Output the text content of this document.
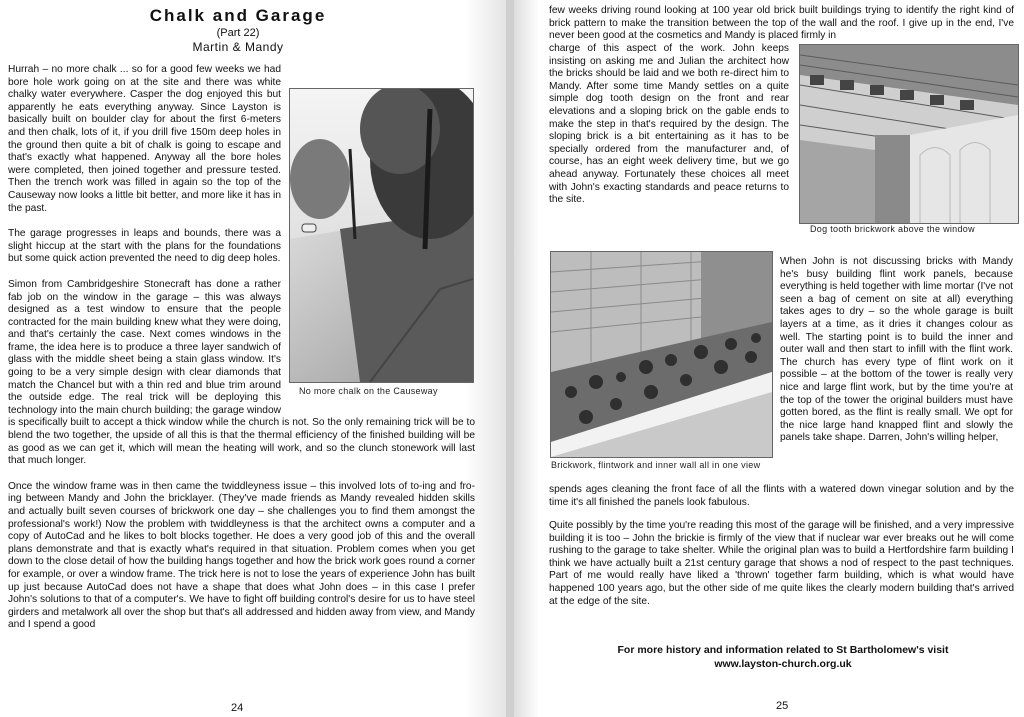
Chalk and Garage
(Part 22)
Martin & Mandy

Hurrah – no more chalk ... so for a good few weeks we had bore hole work going on at the site and there was white chalky water everywhere. Casper the dog enjoyed this but apparently he eats everything anyway. Since Layston is basically built on boulder clay for about the first 6-meters and then chalk, lots of it, if you drill five 150m deep holes in the ground then quite a bit of chalk is going to escape and that's exactly what happened. Anyway all the bore holes were completed, then joined together and pressure tested. Then the trench work was filled in again so the top of the Causeway now looks a little bit better, and more like it has in the past.

The garage progresses in leaps and bounds, there was a slight hiccup at the start with the plans for the foundations but some quick action prevented the need to dig deep holes.

Simon from Cambridgeshire Stonecraft has done a rather fab job on the window in the garage – this was always designed as a test window to ensure that the people contracted for the main building knew what they were doing, and that's certainly the case. Next comes windows in the frame, the idea here is to produce a three layer sandwich of glass with the middle sheet being a stain glass window. It's going to be a very simple design with clear diamonds that match the Chancel but with a thin red and blue trim around the outside edge. The real trick will be deploying this technology into the main church building; the garage window is specifically built to accept a thick window while the church is not. So the only remaining trick will be to blend the two together, the upside of all this is that the thermal efficiency of the finished building will be as good as we can get it, which will mean the heating will work, and so the clunch stonework will last that much longer.

Once the window frame was in then came the twiddleyness issue – this involved lots of to-ing and fro-ing between Mandy and John the bricklayer. (They've made friends as Mandy revealed hidden skills and actually built seven courses of brickwork one day – she challenges you to find them amongst the professional's work!) Now the problem with twiddleyness is that the architect owns a computer and a copy of AutoCad and he likes to bolt blocks together. He does a very good job of this and the overall plans demonstrate and that is exactly what's required in that situation. Problem comes when you get down to the close detail of how the building hangs together and how the brick work goes round a corner for example, or over a window frame. The trick here is not to lose the years of experience John has built up just because AutoCad does not have a shape that does what John does – in this case I prefer John's solutions to that of a computer's. We have to fight off building control's desire for us to have steel girders and metalwork all over the shop but that's all addressed and hidden away from view, and Mandy and I spend a good

No more chalk on the Causeway
24

few weeks driving round looking at 100 year old brick built buildings trying to identify the right kind of brick pattern to make the transition between the top of the wall and the roof. I give up in the end, I've never been good at the cosmetics and Mandy is placed firmly in

charge of this aspect of the work. John keeps insisting on asking me and Julian the architect how the bricks should be laid and we both re-direct him to Mandy. After some time Mandy settles on a quite simple dog tooth design on the front and rear elevations and a sloping brick on the gable ends to make the step in that's required by the design. The sloping brick is a bit entertaining as it has to be specially ordered from the manufacturer and, of course, has an eight week delivery time, but we go ahead anyway. Fortunately these choices all meet with John's exacting standards and peace returns to the site.

Dog tooth brickwork above the window
Brickwork, flintwork and inner wall all in one view

When John is not discussing bricks with Mandy he's busy building flint work panels, because everything is held together with lime mortar (I've not seen a bag of cement on site at all) everything takes ages to dry – so the whole garage is built layers at a time, as it dries it changes colour as well. The starting point is to build the inner and outer wall and then start to infill with the flint work. The church has every type of flint work on it possible – at the bottom of the tower is really very nice and large flint work, but by the time you're at the top of the tower the original builders must have gotten bored, as the flint is really small. We opt for the nice large hand knapped flint and slowly the panels take shape. Darren, John's willing helper,

spends ages cleaning the front face of all the flints with a watered down vinegar solution and by the time it's all finished the panels look fabulous.

Quite possibly by the time you're reading this most of the garage will be finished, and a very impressive building it is too – John the brickie is firmly of the view that if nuclear war ever breaks out he will come rushing to the garage to take shelter. While the original plan was to build a Hertfordshire farm building I think we have actually built a 21st century garage that shows a nod of respect to the past techniques. Part of me would really have liked a 'thrown' together farm building, which is what would have happened 100 years ago, but the other side of me quite likes the clearly modern building that's arrived at the edge of the site.

25
For more history and information related to St Bartholomew's visit
www.layston-church.org.uk
